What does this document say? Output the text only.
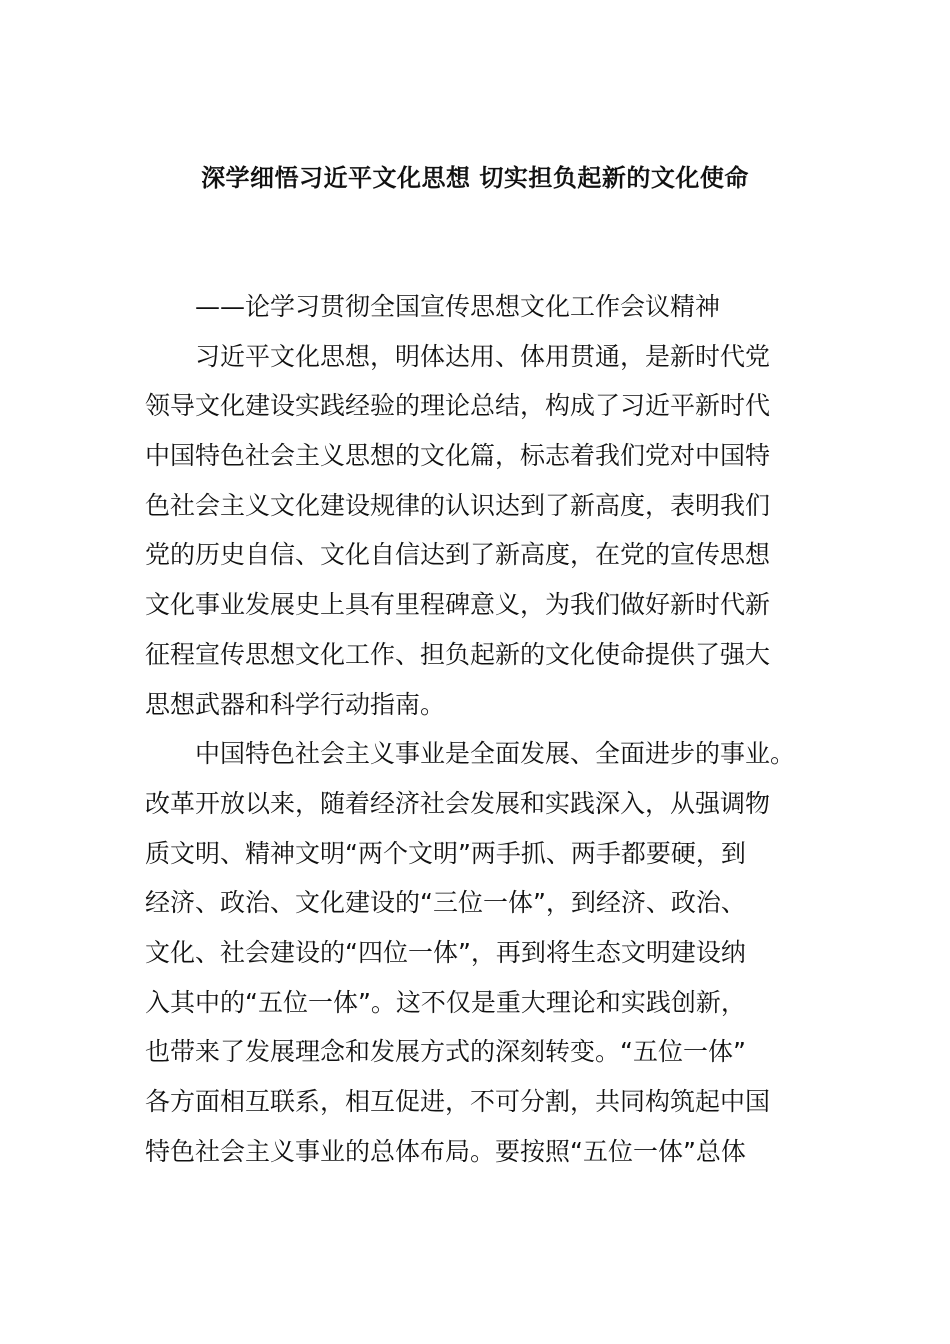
深学细悟习近平文化思想 切实担负起新的文化使命
——论学习贯彻全国宣传思想文化工作会议精神
习近平文化思想，明体达用、体用贯通，是新时代党
领导文化建设实践经验的理论总结，构成了习近平新时代
中国特色社会主义思想的文化篇，标志着我们党对中国特
色社会主义文化建设规律的认识达到了新高度，表明我们
党的历史自信、文化自信达到了新高度，在党的宣传思想
文化事业发展史上具有里程碑意义，为我们做好新时代新
征程宣传思想文化工作、担负起新的文化使命提供了强大
思想武器和科学行动指南。
中国特色社会主义事业是全面发展、全面进步的事业。
改革开放以来，随着经济社会发展和实践深入，从强调物
质文明、精神文明“两个文明”两手抓、两手都要硬，到
经济、政治、文化建设的“三位一体”，到经济、政治、
文化、社会建设的“四位一体”，再到将生态文明建设纳
入其中的“五位一体”。这不仅是重大理论和实践创新，
也带来了发展理念和发展方式的深刻转变。“五位一体”
各方面相互联系，相互促进，不可分割，共同构筑起中国
特色社会主义事业的总体布局。要按照“五位一体”总体
